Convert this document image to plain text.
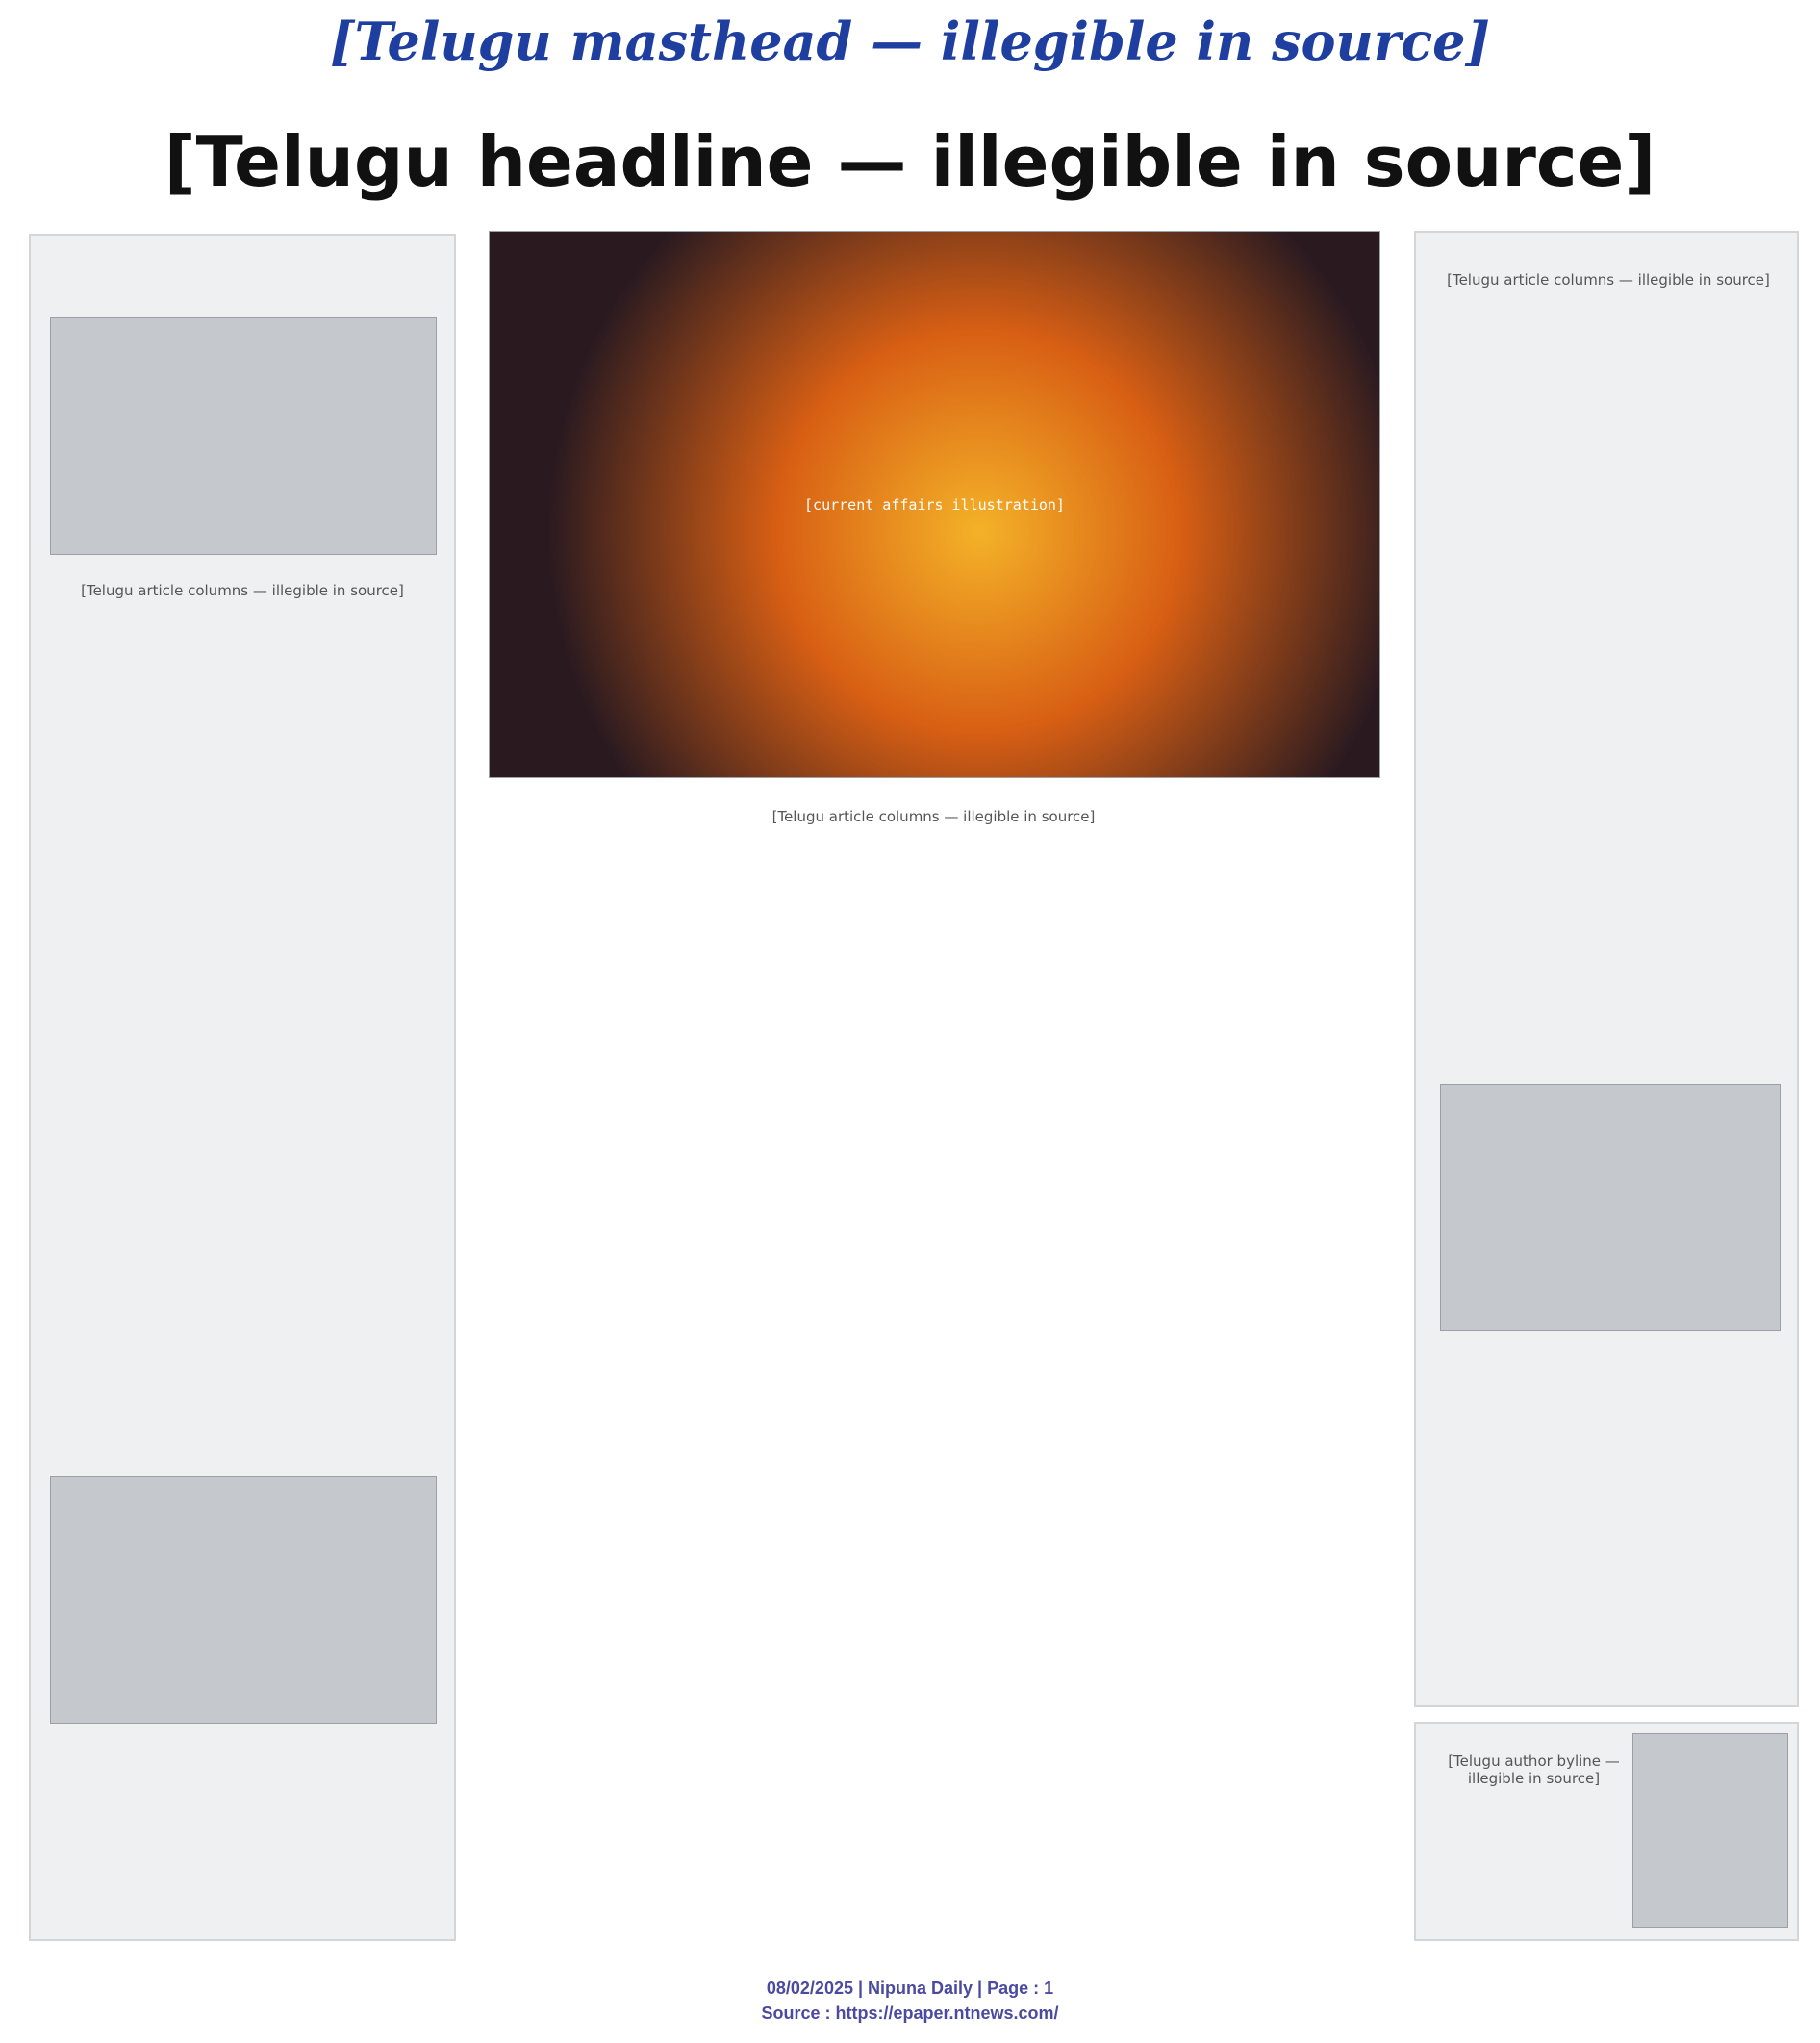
[Telugu masthead — illegible in source]
[Telugu headline — illegible in source]
[Telugu article columns — illegible in source]
[current affairs illustration]
[Telugu article columns — illegible in source]
[Telugu article columns — illegible in source]
[Telugu author byline — illegible in source]
08/02/2025 | Nipuna Daily | Page : 1
Source : https://epaper.ntnews.com/
